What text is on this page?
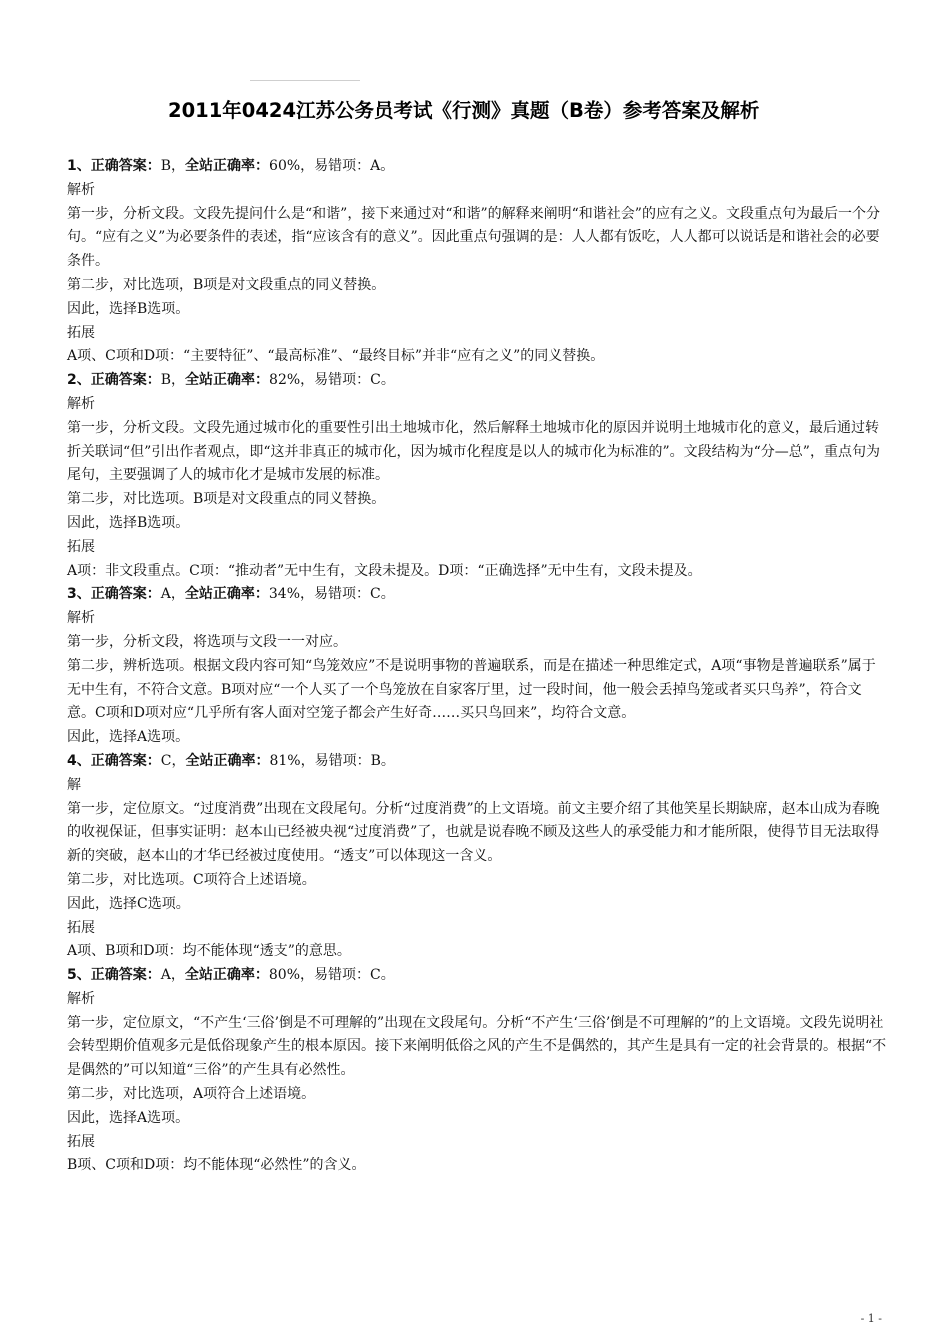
2011年0424江苏公务员考试《行测》真题（B卷）参考答案及解析

1、正确答案：B，全站正确率：60%，易错项：A。

解析

第一步，分析文段。文段先提问什么是“和谐”，接下来通过对“和谐”的解释来阐明“和谐社会”的应有之义。文段重点句为最后一个分句。“应有之义”为必要条件的表述，指“应该含有的意义”。因此重点句强调的是：人人都有饭吃，人人都可以说话是和谐社会的必要条件。

第二步，对比选项，B项是对文段重点的同义替换。

因此，选择B选项。

拓展

A项、C项和D项：“主要特征”、“最高标准”、“最终目标”并非“应有之义”的同义替换。

2、正确答案：B，全站正确率：82%，易错项：C。

解析

第一步，分析文段。文段先通过城市化的重要性引出土地城市化，然后解释土地城市化的原因并说明土地城市化的意义，最后通过转折关联词“但”引出作者观点，即“这并非真正的城市化，因为城市化程度是以人的城市化为标准的”。文段结构为“分—总”，重点句为尾句，主要强调了人的城市化才是城市发展的标准。

第二步，对比选项。B项是对文段重点的同义替换。

因此，选择B选项。

拓展

A项：非文段重点。C项：“推动者”无中生有，文段未提及。D项：“正确选择”无中生有，文段未提及。

3、正确答案：A，全站正确率：34%，易错项：C。

解析

第一步，分析文段，将选项与文段一一对应。

第二步，辨析选项。根据文段内容可知“鸟笼效应”不是说明事物的普遍联系，而是在描述一种思维定式，A项“事物是普遍联系”属于无中生有，不符合文意。B项对应“一个人买了一个鸟笼放在自家客厅里，过一段时间，他一般会丢掉鸟笼或者买只鸟养”，符合文意。C项和D项对应“几乎所有客人面对空笼子都会产生好奇……买只鸟回来”，均符合文意。

因此，选择A选项。

4、正确答案：C，全站正确率：81%，易错项：B。

解

第一步，定位原文。“过度消费”出现在文段尾句。分析“过度消费”的上文语境。前文主要介绍了其他笑星长期缺席，赵本山成为春晚的收视保证，但事实证明：赵本山已经被央视“过度消费”了，也就是说春晚不顾及这些人的承受能力和才能所限，使得节目无法取得新的突破，赵本山的才华已经被过度使用。“透支”可以体现这一含义。

第二步，对比选项。C项符合上述语境。

因此，选择C选项。

拓展

A项、B项和D项：均不能体现“透支”的意思。

5、正确答案：A，全站正确率：80%，易错项：C。

解析

第一步，定位原文，“不产生‘三俗’倒是不可理解的”出现在文段尾句。分析“不产生‘三俗’倒是不可理解的”的上文语境。文段先说明社会转型期价值观多元是低俗现象产生的根本原因。接下来阐明低俗之风的产生不是偶然的，其产生是具有一定的社会背景的。根据“不是偶然的”可以知道“三俗”的产生具有必然性。

第二步，对比选项，A项符合上述语境。

因此，选择A选项。

拓展

B项、C项和D项：均不能体现“必然性”的含义。

- 1 -
